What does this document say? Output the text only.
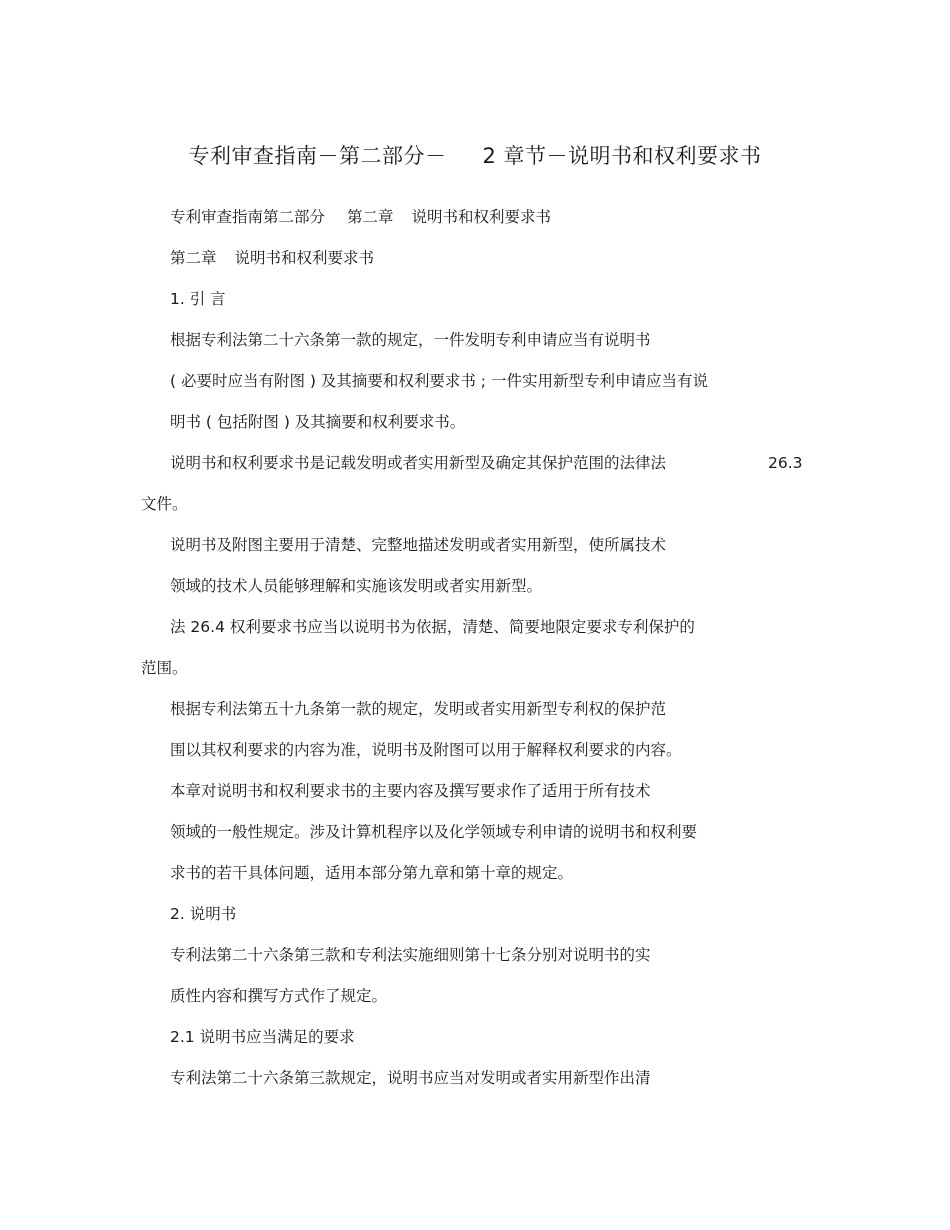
专利审查指南－第二部分－ 2 章节－说明书和权利要求书
专利审查指南第二部分 第二章 说明书和权利要求书
第二章 说明书和权利要求书
1. 引 言
根据专利法第二十六条第一款的规定，一件发明专利申请应当有说明书
( 必要时应当有附图 ) 及其摘要和权利要求书 ; 一件实用新型专利申请应当有说
明书 ( 包括附图 ) 及其摘要和权利要求书。
说明书和权利要求书是记载发明或者实用新型及确定其保护范围的法律法	26.3
文件。
说明书及附图主要用于清楚、完整地描述发明或者实用新型，使所属技术
领域的技术人员能够理解和实施该发明或者实用新型。
法 26.4 权利要求书应当以说明书为依据，清楚、简要地限定要求专利保护的
范围。
根据专利法第五十九条第一款的规定，发明或者实用新型专利权的保护范
围以其权利要求的内容为准，说明书及附图可以用于解释权利要求的内容。
本章对说明书和权利要求书的主要内容及撰写要求作了适用于所有技术
领域的一般性规定。涉及计算机程序以及化学领域专利申请的说明书和权利要
求书的若干具体问题，适用本部分第九章和第十章的规定。
2. 说明书
专利法第二十六条第三款和专利法实施细则第十七条分别对说明书的实
质性内容和撰写方式作了规定。
2.1 说明书应当满足的要求
专利法第二十六条第三款规定，说明书应当对发明或者实用新型作出清
